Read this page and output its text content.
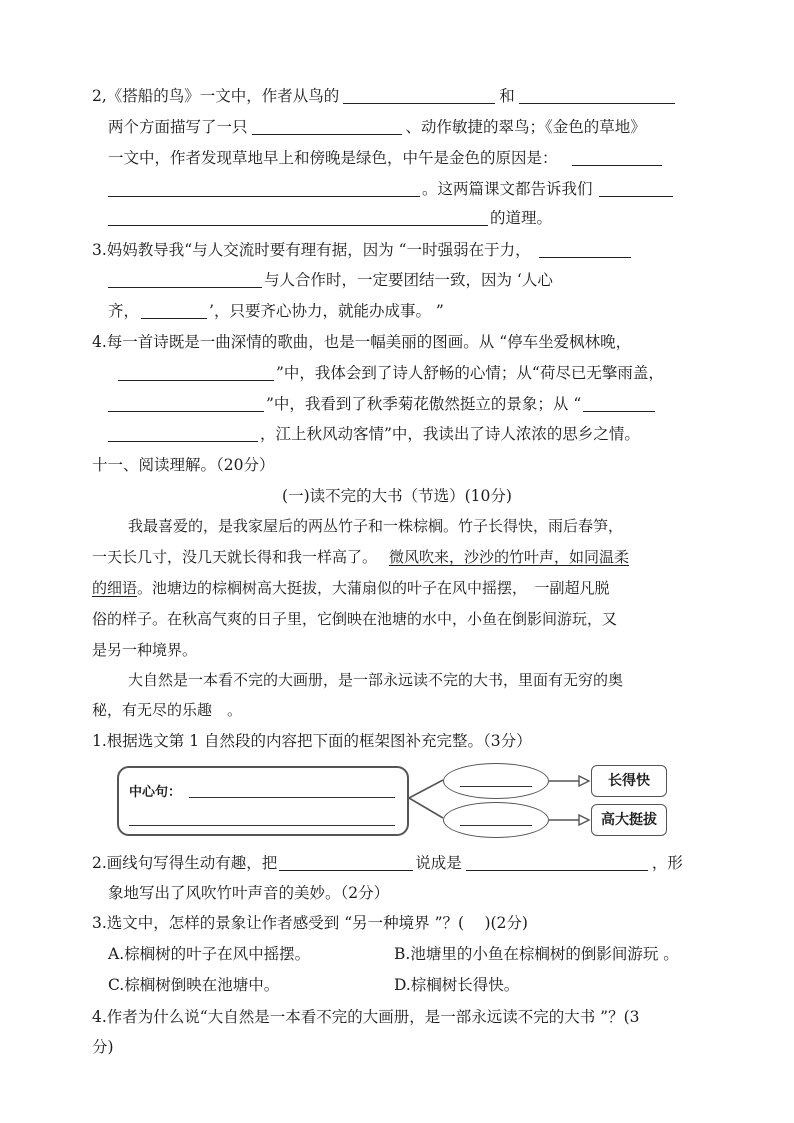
2,《搭船的鸟》一文中，作者从鸟的	和
两个方面描写了一只	、动作敏捷的翠鸟；《金色的草地》
一文中，作者发现草地早上和傍晚是绿色，中午是金色的原因是：
。这两篇课文都告诉我们
的道理。
3.妈妈教导我“与人交流时要有理有据，因为 “一时强弱在于力，
与人合作时，一定要团结一致，因为 ‘人心
齐，	’，只要齐心协力，就能办成事。 ”
4.每一首诗既是一曲深情的歌曲，也是一幅美丽的图画。从 “停车坐爱枫林晚，
”中，我体会到了诗人舒畅的心情；从“荷尽已无擎雨盖，
”中，我看到了秋季菊花傲然挺立的景象；从 “
，江上秋风动客情”中，我读出了诗人浓浓的思乡之情。
十一、阅读理解。（20分）
(一)读不完的大书（节选）(10分)
我最喜爱的，是我家屋后的两丛竹子和一株棕榈。竹子长得快，雨后春笋，
一天长几寸，没几天就长得和我一样高了。 微风吹来，沙沙的竹叶声，如同温柔
的细语。池塘边的棕榈树高大挺拔，大蒲扇似的叶子在风中摇摆，　一副超凡脱
俗的样子。在秋高气爽的日子里，它倒映在池塘的水中，小鱼在倒影间游玩，又
是另一种境界。
大自然是一本看不完的大画册，是一部永远读不完的大书，里面有无穷的奥
秘，有无尽的乐趣　。
1.根据选文第 1 自然段的内容把下面的框架图补充完整。（3分）
中心句：
长得快
高大挺拔
2.画线句写得生动有趣，把	说成是	，形
象地写出了风吹竹叶声音的美妙。（2分）
3.选文中，怎样的景象让作者感受到 “另一种境界 ”？(　 )(2分)
A.棕榈树的叶子在风中摇摆。	B.池塘里的小鱼在棕榈树的倒影间游玩 。
C.棕榈树倒映在池塘中。	D.棕榈树长得快。
4.作者为什么说“大自然是一本看不完的大画册，是一部永远读不完的大书 ”？(3
分)
